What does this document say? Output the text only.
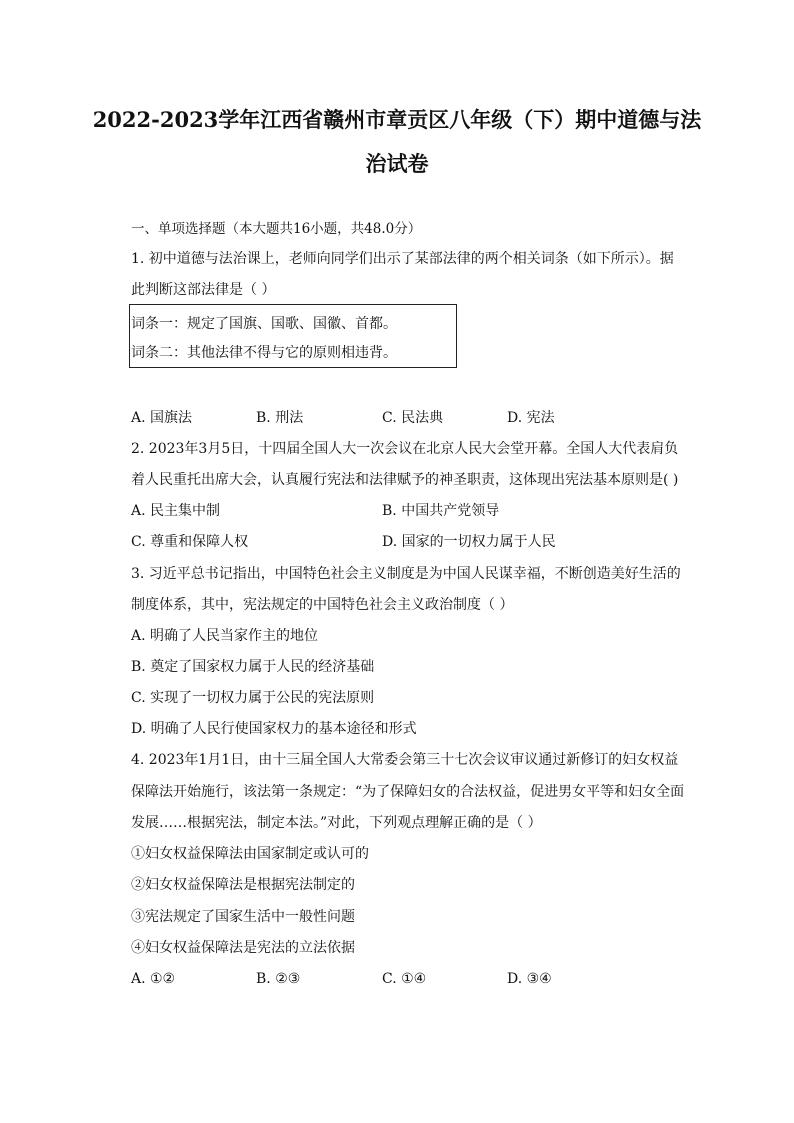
2022-2023学年江西省赣州市章贡区八年级（下）期中道德与法
治试卷
一、单项选择题（本大题共16小题，共48.0分）
1. 初中道德与法治课上，老师向同学们出示了某部法律的两个相关词条（如下所示）。据
此判断这部法律是（ ）
词条一：规定了国旗、国歌、国徽、首都。
词条二：其他法律不得与它的原则相违背。
A. 国旗法	B. 刑法	C. 民法典	D. 宪法
2. 2023年3月5日，十四届全国人大一次会议在北京人民大会堂开幕。全国人大代表肩负
着人民重托出席大会，认真履行宪法和法律赋予的神圣职责，这体现出宪法基本原则是( )
A. 民主集中制	B. 中国共产党领导
C. 尊重和保障人权	D. 国家的一切权力属于人民
3. 习近平总书记指出，中国特色社会主义制度是为中国人民谋幸福，不断创造美好生活的
制度体系，其中，宪法规定的中国特色社会主义政治制度（ ）
A. 明确了人民当家作主的地位
B. 奠定了国家权力属于人民的经济基础
C. 实现了一切权力属于公民的宪法原则
D. 明确了人民行使国家权力的基本途径和形式
4. 2023年1月1日，由十三届全国人大常委会第三十七次会议审议通过新修订的妇女权益
保障法开始施行，该法第一条规定：“为了保障妇女的合法权益，促进男女平等和妇女全面
发展……根据宪法，制定本法。”对此，下列观点理解正确的是（ ）
①妇女权益保障法由国家制定或认可的
②妇女权益保障法是根据宪法制定的
③宪法规定了国家生活中一般性问题
④妇女权益保障法是宪法的立法依据
A. ①②	B. ②③	C. ①④	D. ③④
